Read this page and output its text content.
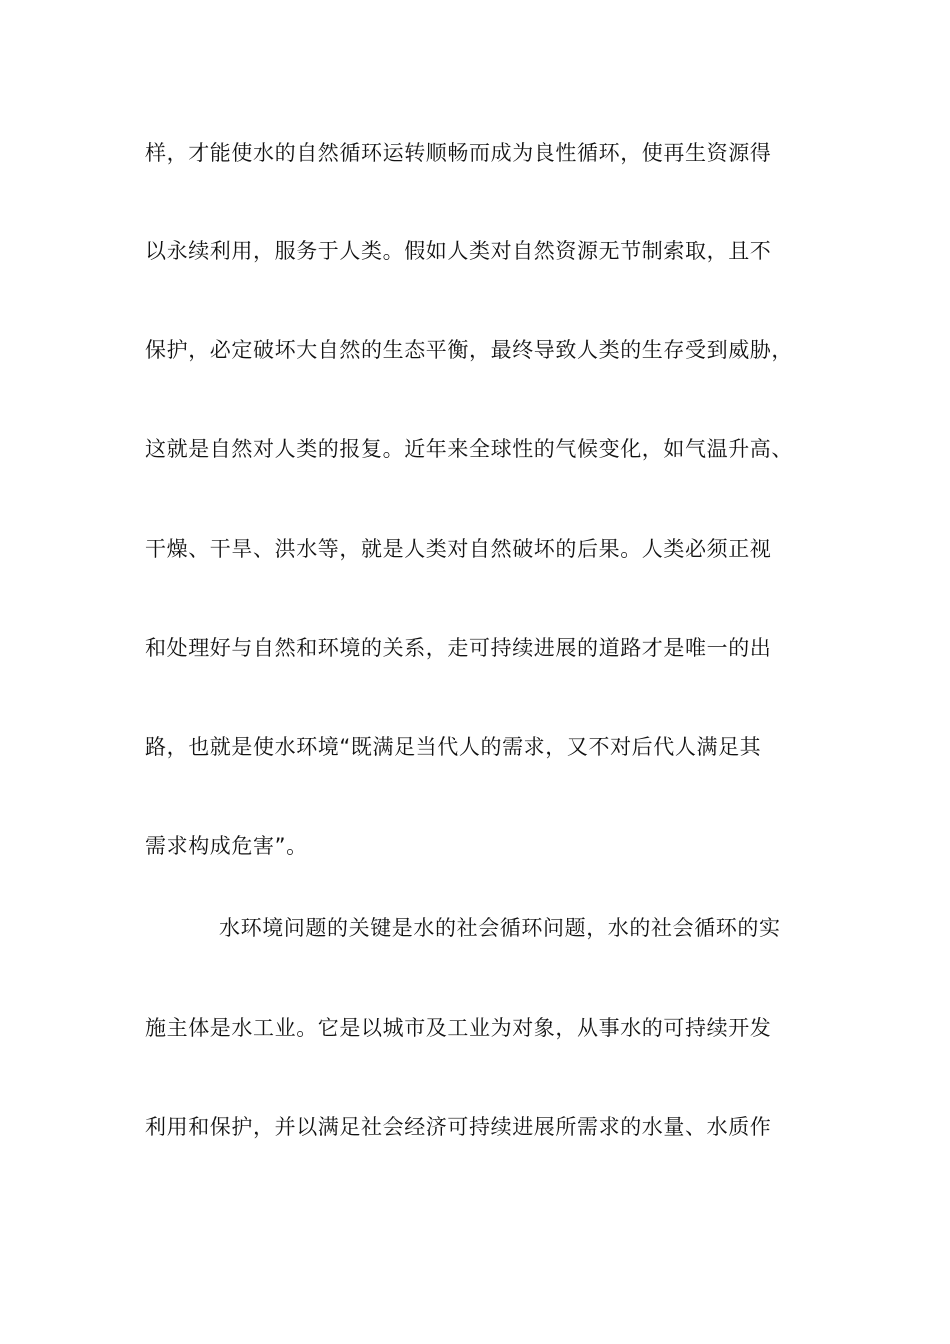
样，才能使水的自然循环运转顺畅而成为良性循环，使再生资源得
以永续利用，服务于人类。假如人类对自然资源无节制索取，且不
保护，必定破坏大自然的生态平衡，最终导致人类的生存受到威胁，
这就是自然对人类的报复。近年来全球性的气候变化，如气温升高、
干燥、干旱、洪水等，就是人类对自然破坏的后果。人类必须正视
和处理好与自然和环境的关系，走可持续进展的道路才是唯一的出
路，也就是使水环境“既满足当代人的需求，又不对后代人满足其
需求构成危害”。
水环境问题的关键是水的社会循环问题，水的社会循环的实
施主体是水工业。它是以城市及工业为对象，从事水的可持续开发
利用和保护，并以满足社会经济可持续进展所需求的水量、水质作
